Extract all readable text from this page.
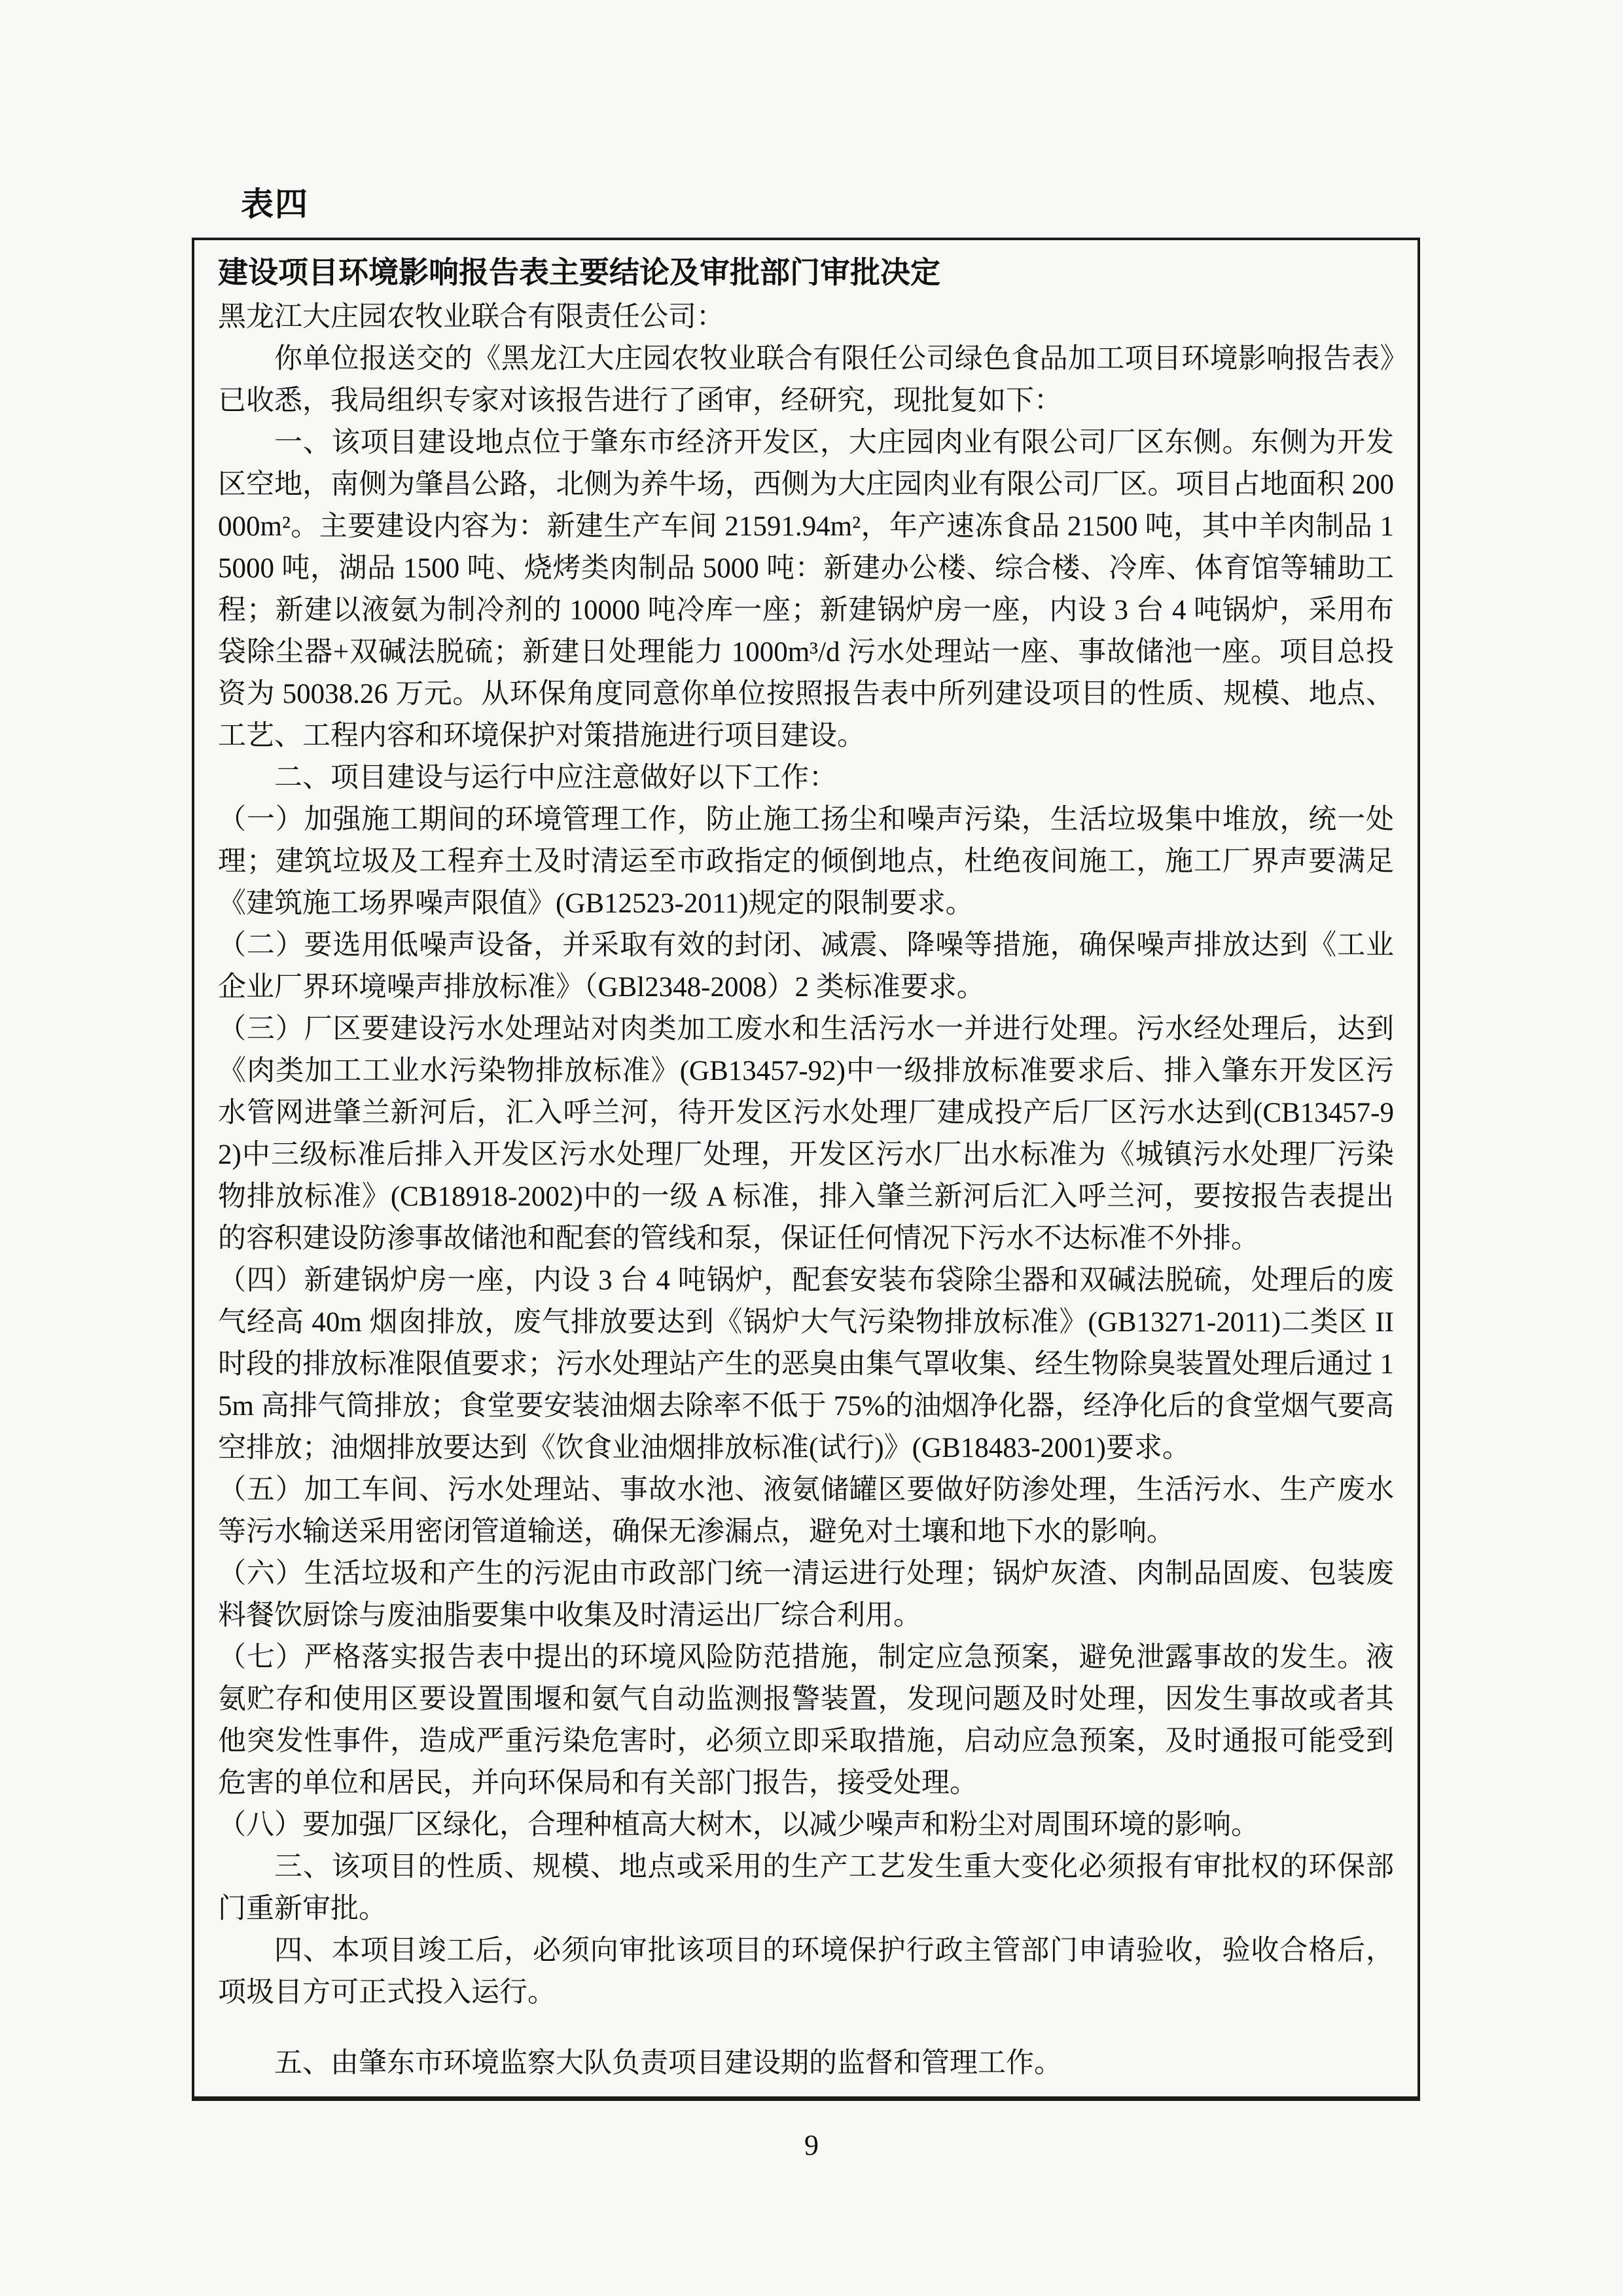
表四

建设项目环境影响报告表主要结论及审批部门审批决定

黑龙江大庄园农牧业联合有限责任公司：

你单位报送交的《黑龙江大庄园农牧业联合有限任公司绿色食品加工项目环境影响报告表》已收悉，我局组织专家对该报告进行了函审，经研究，现批复如下：

一、该项目建设地点位于肇东市经济开发区，大庄园肉业有限公司厂区东侧。东侧为开发区空地，南侧为肇昌公路，北侧为养牛场，西侧为大庄园肉业有限公司厂区。项目占地面积 200000m²。主要建设内容为：新建生产车间 21591.94m²，年产速冻食品 21500 吨，其中羊肉制品 15000 吨，湖品 1500 吨、烧烤类肉制品 5000 吨：新建办公楼、综合楼、冷库、体育馆等辅助工程；新建以液氨为制冷剂的 10000 吨冷库一座；新建锅炉房一座，内设 3 台 4 吨锅炉，采用布袋除尘器+双碱法脱硫；新建日处理能力 1000m³/d 污水处理站一座、事故储池一座。项目总投资为 50038.26 万元。从环保角度同意你单位按照报告表中所列建设项目的性质、规模、地点、工艺、工程内容和环境保护对策措施进行项目建设。

二、项目建设与运行中应注意做好以下工作：

（一）加强施工期间的环境管理工作，防止施工扬尘和噪声污染，生活垃圾集中堆放，统一处理；建筑垃圾及工程弃土及时清运至市政指定的倾倒地点，杜绝夜间施工，施工厂界声要满足《建筑施工场界噪声限值》(GB12523-2011)规定的限制要求。

（二）要选用低噪声设备，并采取有效的封闭、减震、降噪等措施，确保噪声排放达到《工业企业厂界环境噪声排放标准》（GBl2348-2008）2 类标准要求。

（三）厂区要建设污水处理站对肉类加工废水和生活污水一并进行处理。污水经处理后，达到《肉类加工工业水污染物排放标准》(GB13457-92)中一级排放标准要求后、排入肇东开发区污水管网进肇兰新河后，汇入呼兰河，待开发区污水处理厂建成投产后厂区污水达到(CB13457-92)中三级标准后排入开发区污水处理厂处理，开发区污水厂出水标准为《城镇污水处理厂污染物排放标准》(CB18918-2002)中的一级 A 标准，排入肇兰新河后汇入呼兰河，要按报告表提出的容积建设防渗事故储池和配套的管线和泵，保证任何情况下污水不达标准不外排。

（四）新建锅炉房一座，内设 3 台 4 吨锅炉，配套安装布袋除尘器和双碱法脱硫，处理后的废气经高 40m 烟囱排放，废气排放要达到《锅炉大气污染物排放标准》(GB13271-2011)二类区 II 时段的排放标准限值要求；污水处理站产生的恶臭由集气罩收集、经生物除臭装置处理后通过 15m 高排气筒排放；食堂要安装油烟去除率不低于 75%的油烟净化器，经净化后的食堂烟气要高空排放；油烟排放要达到《饮食业油烟排放标准(试行)》(GB18483-2001)要求。

（五）加工车间、污水处理站、事故水池、液氨储罐区要做好防渗处理，生活污水、生产废水等污水输送采用密闭管道输送，确保无渗漏点，避免对土壤和地下水的影响。

（六）生活垃圾和产生的污泥由市政部门统一清运进行处理；锅炉灰渣、肉制品固废、包装废料餐饮厨馀与废油脂要集中收集及时清运出厂综合利用。

（七）严格落实报告表中提出的环境风险防范措施，制定应急预案，避免泄露事故的发生。液氨贮存和使用区要设置围堰和氨气自动监测报警装置，发现问题及时处理，因发生事故或者其他突发性事件，造成严重污染危害时，必须立即采取措施，启动应急预案，及时通报可能受到危害的单位和居民，并向环保局和有关部门报告，接受处理。

（八）要加强厂区绿化，合理种植高大树木，以减少噪声和粉尘对周围环境的影响。

三、该项目的性质、规模、地点或采用的生产工艺发生重大变化必须报有审批权的环保部门重新审批。

四、本项目竣工后，必须向审批该项目的环境保护行政主管部门申请验收，验收合格后，项圾目方可正式投入运行。

五、由肇东市环境监察大队负责项目建设期的监督和管理工作。

9
